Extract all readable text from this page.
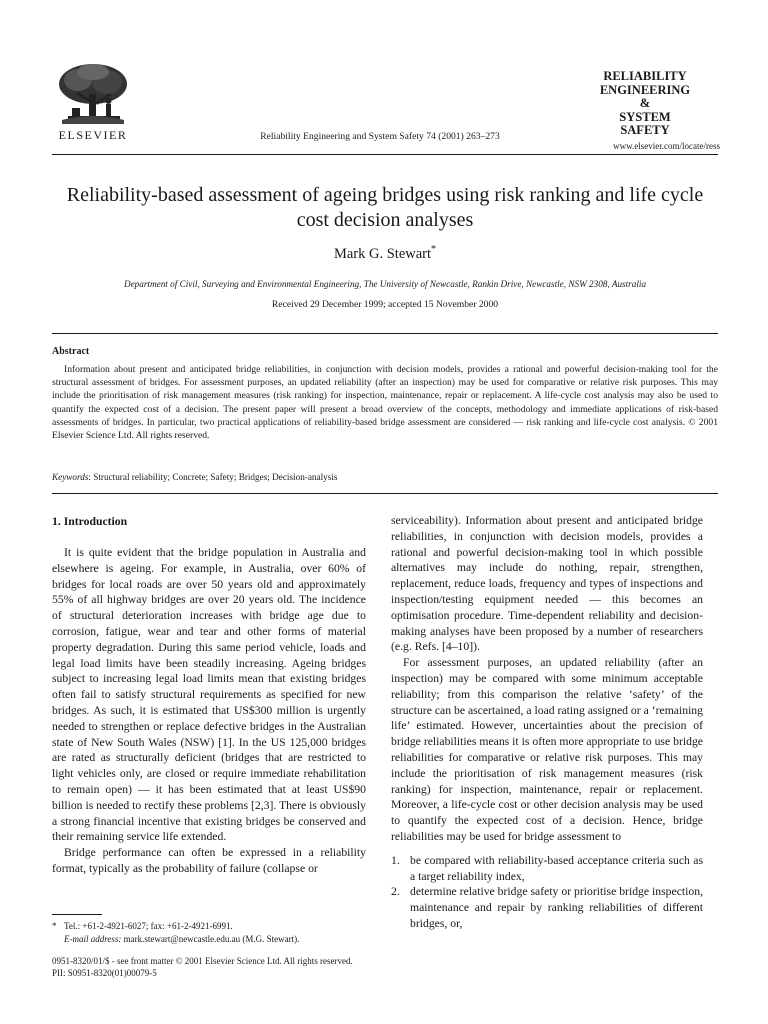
ELSEVIER	Reliability Engineering and System Safety 74 (2001) 263–273
RELIABILITY
ENGINEERING
&
SYSTEM
SAFETY
www.elsevier.com/locate/ress
Reliability-based assessment of ageing bridges using risk ranking and life cycle cost decision analyses
Mark G. Stewart*
Department of Civil, Surveying and Environmental Engineering, The University of Newcastle, Rankin Drive, Newcastle, NSW 2308, Australia
Received 29 December 1999; accepted 15 November 2000
Abstract
Information about present and anticipated bridge reliabilities, in conjunction with decision models, provides a rational and powerful decision-making tool for the structural assessment of bridges. For assessment purposes, an updated reliability (after an inspection) may be used for comparative or relative risk purposes. This may include the prioritisation of risk management measures (risk ranking) for inspection, maintenance, repair or replacement. A life-cycle cost analysis may also be used to quantify the expected cost of a decision. The present paper will present a broad overview of the concepts, methodology and immediate applications of risk-based assessments of bridges. In particular, two practical applications of reliability-based bridge assessment are considered — risk ranking and life-cycle cost analysis. © 2001 Elsevier Science Ltd. All rights reserved.
Keywords: Structural reliability; Concrete; Safety; Bridges; Decision-analysis
1. Introduction

It is quite evident that the bridge population in Australia and elsewhere is ageing. For example, in Australia, over 60% of bridges for local roads are over 50 years old and approximately 55% of all highway bridges are over 20 years old. The incidence of structural deterioration increases with bridge age due to corrosion, fatigue, wear and tear and other forms of material property degradation. During this same period vehicle, loads and legal load limits have been steadily increasing. Ageing bridges subject to increasing legal load limits mean that existing bridges often fail to satisfy structural requirements as specified for new bridges. As such, it is estimated that US$300 million is urgently needed to strengthen or replace defective bridges in the Australian state of New South Wales (NSW) [1]. In the US 125,000 bridges are rated as structurally deficient (bridges that are restricted to light vehicles only, are closed or require immediate rehabilitation to remain open) — it has been estimated that at least US$90 billion is needed to rectify these problems [2,3]. There is obviously a strong financial incentive that existing bridges be conserved and their remaining service life extended.

Bridge performance can often be expressed in a reliability format, typically as the probability of failure (collapse or

serviceability). Information about present and anticipated bridge reliabilities, in conjunction with decision models, provides a rational and powerful decision-making tool in which possible alternatives may include do nothing, repair, strengthen, replacement, reduce loads, frequency and types of inspections and inspection/testing equipment needed — this becomes an optimisation procedure. Time-dependent reliability and decision-making analyses have been proposed by a number of researchers (e.g. Refs. [4–10]).

For assessment purposes, an updated reliability (after an inspection) may be compared with some minimum acceptable reliability; from this comparison the relative ‘safety’ of the structure can be ascertained, a load rating assigned or a ‘remaining life’ estimated. However, uncertainties about the precision of bridge reliabilities means it is often more appropriate to use bridge reliabilities for comparative or relative risk purposes. This may include the prioritisation of risk management measures (risk ranking) for inspection, maintenance, repair or replacement. Moreover, a life-cycle cost or other decision analysis may be used to quantify the expected cost of a decision. Hence, bridge reliabilities may be used for bridge assessment to

1. be compared with reliability-based acceptance criteria such as a target reliability index,
2. determine relative bridge safety or prioritise bridge inspection, maintenance and repair by ranking reliabilities of different bridges, or,
* Tel.: +61-2-4921-6027; fax: +61-2-4921-6991.
E-mail address: mark.stewart@newcastle.edu.au (M.G. Stewart).
0951-8320/01/$ - see front matter © 2001 Elsevier Science Ltd. All rights reserved.
PII: S0951-8320(01)00079-5
